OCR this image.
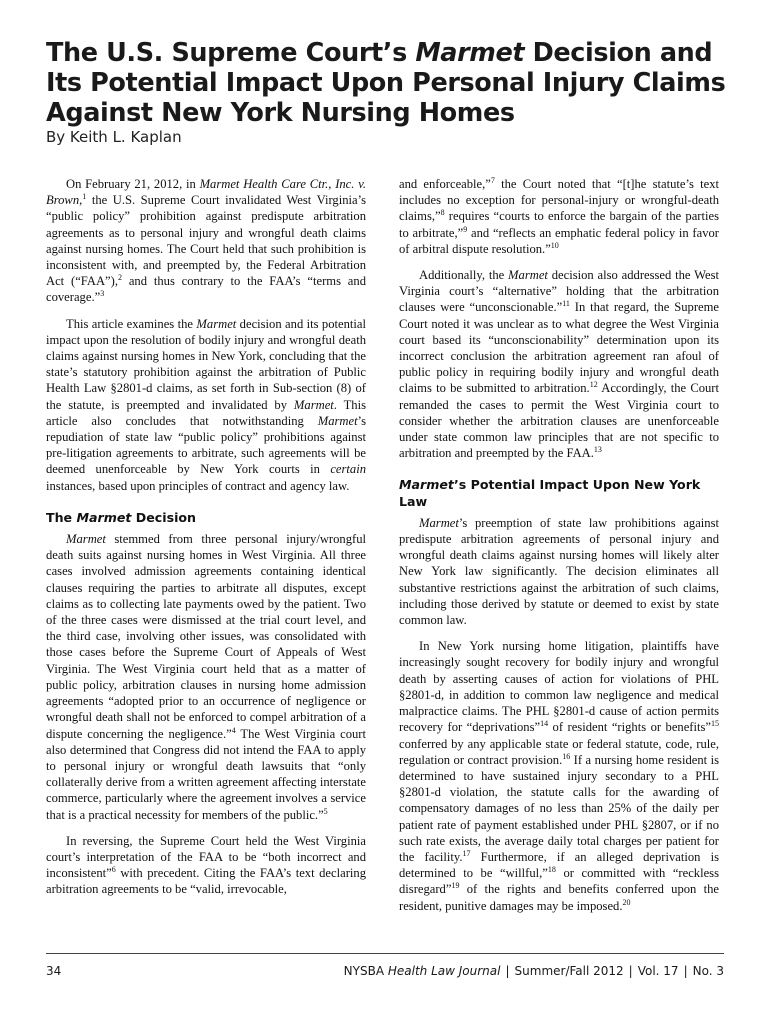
The U.S. Supreme Court’s Marmet Decision and Its Potential Impact Upon Personal Injury Claims Against New York Nursing Homes
By Keith L. Kaplan

On February 21, 2012, in Marmet Health Care Ctr., Inc. v. Brown,$^1$ the U.S. Supreme Court invalidated West Virginia’s “public policy” prohibition against predispute arbitration agreements as to personal injury and wrongful death claims against nursing homes. The Court held that such prohibition is inconsistent with, and preempted by, the Federal Arbitration Act (“FAA”),$^2$ and thus contrary to the FAA’s “terms and coverage.”$^3$

This article examines the Marmet decision and its potential impact upon the resolution of bodily injury and wrongful death claims against nursing homes in New York, concluding that the state’s statutory prohibition against the arbitration of Public Health Law §2801-d claims, as set forth in Sub-section (8) of the statute, is preempted and invalidated by Marmet. This article also concludes that notwithstanding Marmet’s repudiation of state law “public policy” prohibitions against pre-litigation agreements to arbitrate, such agreements will be deemed unenforceable by New York courts in certain instances, based upon principles of contract and agency law.

The Marmet Decision

Marmet stemmed from three personal injury/wrongful death suits against nursing homes in West Virginia. All three cases involved admission agreements containing identical clauses requiring the parties to arbitrate all disputes, except claims as to collecting late payments owed by the patient. Two of the three cases were dismissed at the trial court level, and the third case, involving other issues, was consolidated with those cases before the Supreme Court of Appeals of West Virginia. The West Virginia court held that as a matter of public policy, arbitration clauses in nursing home admission agreements “adopted prior to an occurrence of negligence or wrongful death shall not be enforced to compel arbitration of a dispute concerning the negligence.”$^4$ The West Virginia court also determined that Congress did not intend the FAA to apply to personal injury or wrongful death lawsuits that “only collaterally derive from a written agreement affecting interstate commerce, particularly where the agreement involves a service that is a practical necessity for members of the public.”$^5$

In reversing, the Supreme Court held the West Virginia court’s interpretation of the FAA to be “both incorrect and inconsistent”$^6$ with precedent. Citing the FAA’s text declaring arbitration agreements to be “valid, irrevocable,

and enforceable,”$^7$ the Court noted that “[t]he statute’s text includes no exception for personal-injury or wrongful-death claims,”$^8$ requires “courts to enforce the bargain of the parties to arbitrate,”$^9$ and “reflects an emphatic federal policy in favor of arbitral dispute resolution.”$^{10}$

Additionally, the Marmet decision also addressed the West Virginia court’s “alternative” holding that the arbitration clauses were “unconscionable.”$^{11}$ In that regard, the Supreme Court noted it was unclear as to what degree the West Virginia court based its “unconscionability” determination upon its incorrect conclusion the arbitration agreement ran afoul of public policy in requiring bodily injury and wrongful death claims to be submitted to arbitration.$^{12}$ Accordingly, the Court remanded the cases to permit the West Virginia court to consider whether the arbitration clauses are unenforceable under state common law principles that are not specific to arbitration and preempted by the FAA.$^{13}$

Marmet’s Potential Impact Upon New York Law

Marmet’s preemption of state law prohibitions against predispute arbitration agreements of personal injury and wrongful death claims against nursing homes will likely alter New York law significantly. The decision eliminates all substantive restrictions against the arbitration of such claims, including those derived by statute or deemed to exist by state common law.

In New York nursing home litigation, plaintiffs have increasingly sought recovery for bodily injury and wrongful death by asserting causes of action for violations of PHL §2801-d, in addition to common law negligence and medical malpractice claims. The PHL §2801-d cause of action permits recovery for “deprivations”$^{14}$ of resident “rights or benefits”$^{15}$ conferred by any applicable state or federal statute, code, rule, regulation or contract provision.$^{16}$ If a nursing home resident is determined to have sustained injury secondary to a PHL §2801-d violation, the statute calls for the awarding of compensatory damages of no less than 25% of the daily per patient rate of payment established under PHL §2807, or if no such rate exists, the average daily total charges per patient for the facility.$^{17}$ Furthermore, if an alleged deprivation is determined to be “willful,”$^{18}$ or committed with “reckless disregard”$^{19}$ of the rights and benefits conferred upon the resident, punitive damages may be imposed.$^{20}$

34	NYSBA Health Law Journal | Summer/Fall 2012 | Vol. 17 | No. 3
